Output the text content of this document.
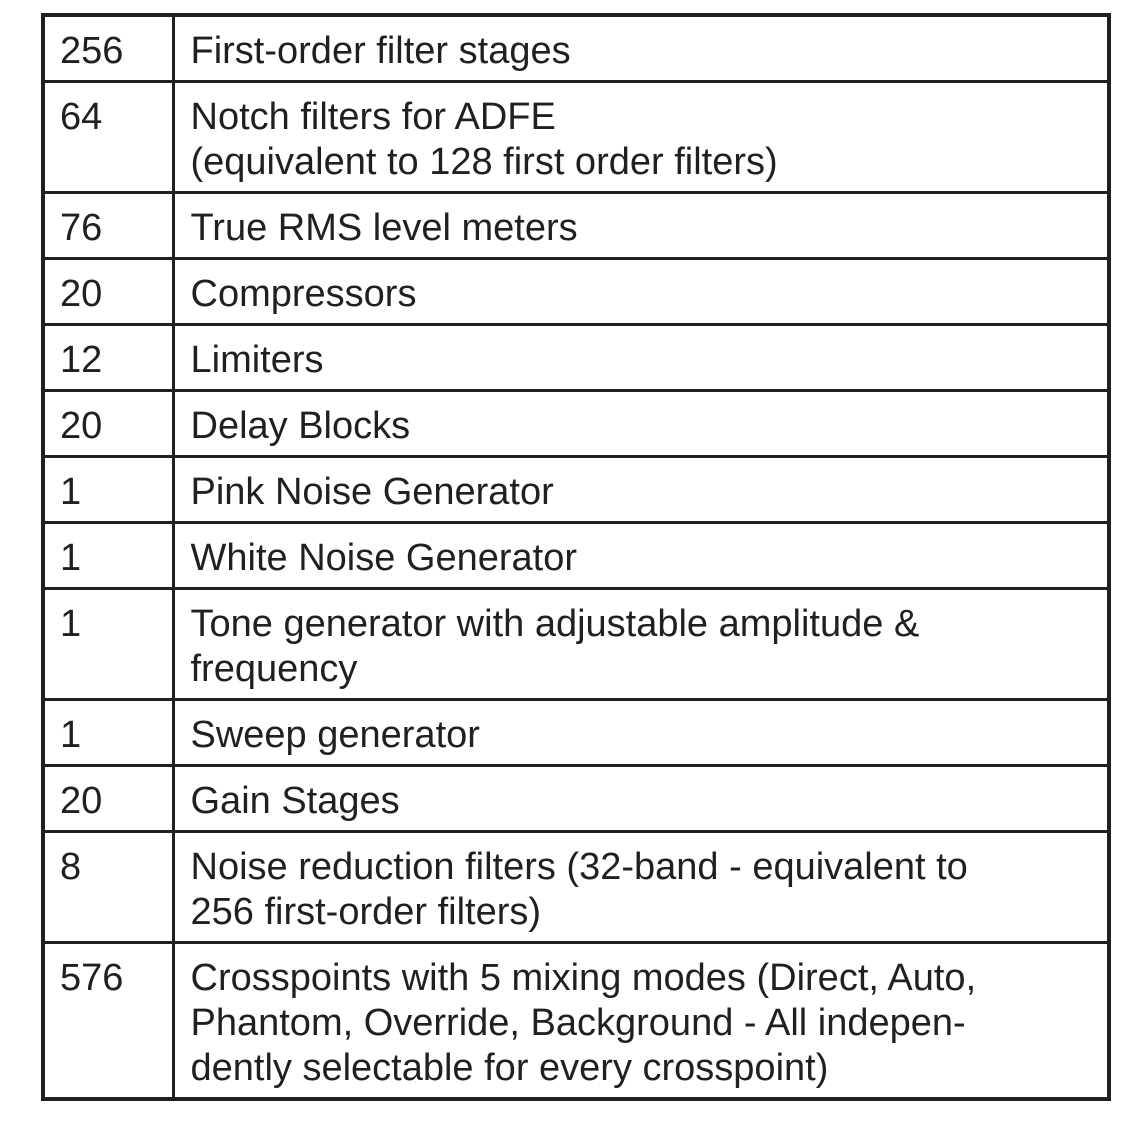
256	First-order filter stages

64	Notch filters for ADFE
(equivalent to 128 first order filters)

76	True RMS level meters

20	Compressors

12	Limiters

20	Delay Blocks

1	Pink Noise Generator

1	White Noise Generator

1	Tone generator with adjustable amplitude &
frequency

1	Sweep generator

20	Gain Stages

8	Noise reduction filters (32-band - equivalent to
256 first-order filters)

576	Crosspoints with 5 mixing modes (Direct, Auto,
Phantom, Override, Background - All indepen-
dently selectable for every crosspoint)
